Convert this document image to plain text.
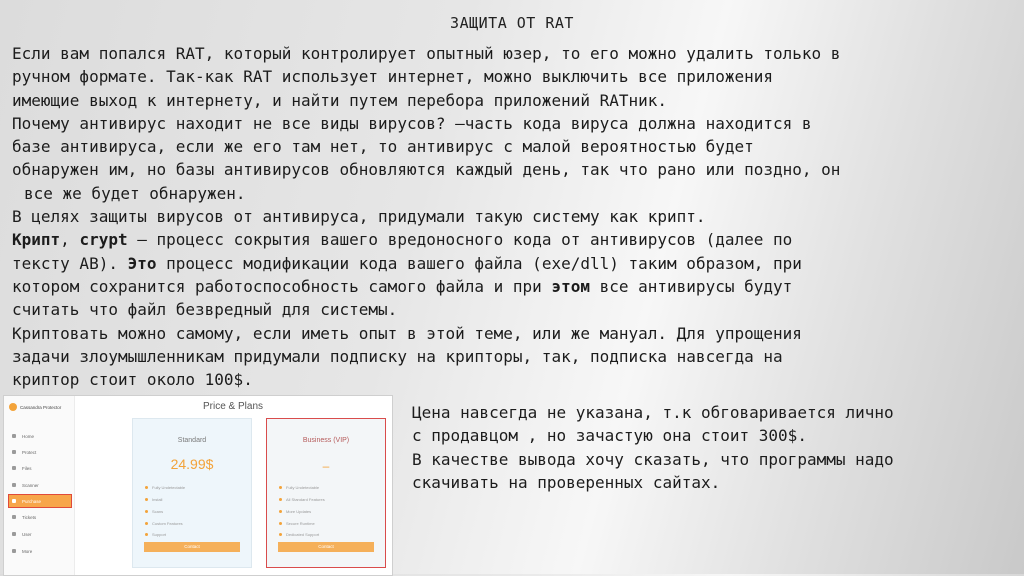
ЗАЩИТА ОТ RAT
Если вам попался RAT, который контролирует опытный юзер, то его можно удалить только в
ручном формате. Так-как RAT использует интернет, можно выключить все приложения
имеющие выход к интернету, и найти путем перебора приложений RATник.
Почему антивирус находит не все виды вирусов? –часть кода вируса должна находится в
базе антивируса, если же его там нет, то антивирус с малой вероятностью будет
обнаружен им, но базы антивирусов обновляются каждый день, так что рано или поздно, он
все же будет обнаружен.
В целях защиты вирусов от антивируса, придумали такую систему как крипт.
Крипт, crypt — процесс сокрытия вашего вредоносного кода от антивирусов (далее по
тексту АВ). Это процесс модификации кода вашего файла (exe/dll) таким образом, при
котором сохранится работоспособность самого файла и при этом все антивирусы будут
считать что файл безвредный для системы.
Криптовать можно самому, если иметь опыт в этой теме, или же мануал. Для упрощения
задачи злоумышленникам придумали подписку на крипторы, так, подписка навсегда на
криптор стоит около 100$.
Cassandra Protector
Home
Protect
Files
Scanner
Purchase
Tickets
User
More
Price & Plans
Standard
24.99$
Fully Undetectable
Install
Scans
Custom Features
Support
Contact
Business (VIP)
–
Fully Undetectable
All Standard Features
More Updates
Secure Runtime
Dedicated Support
Contact
Цена навсегда не указана, т.к обговаривается лично
с продавцом , но зачастую она стоит 300$.
В качестве вывода хочу сказать, что программы надо
скачивать на проверенных сайтах.
